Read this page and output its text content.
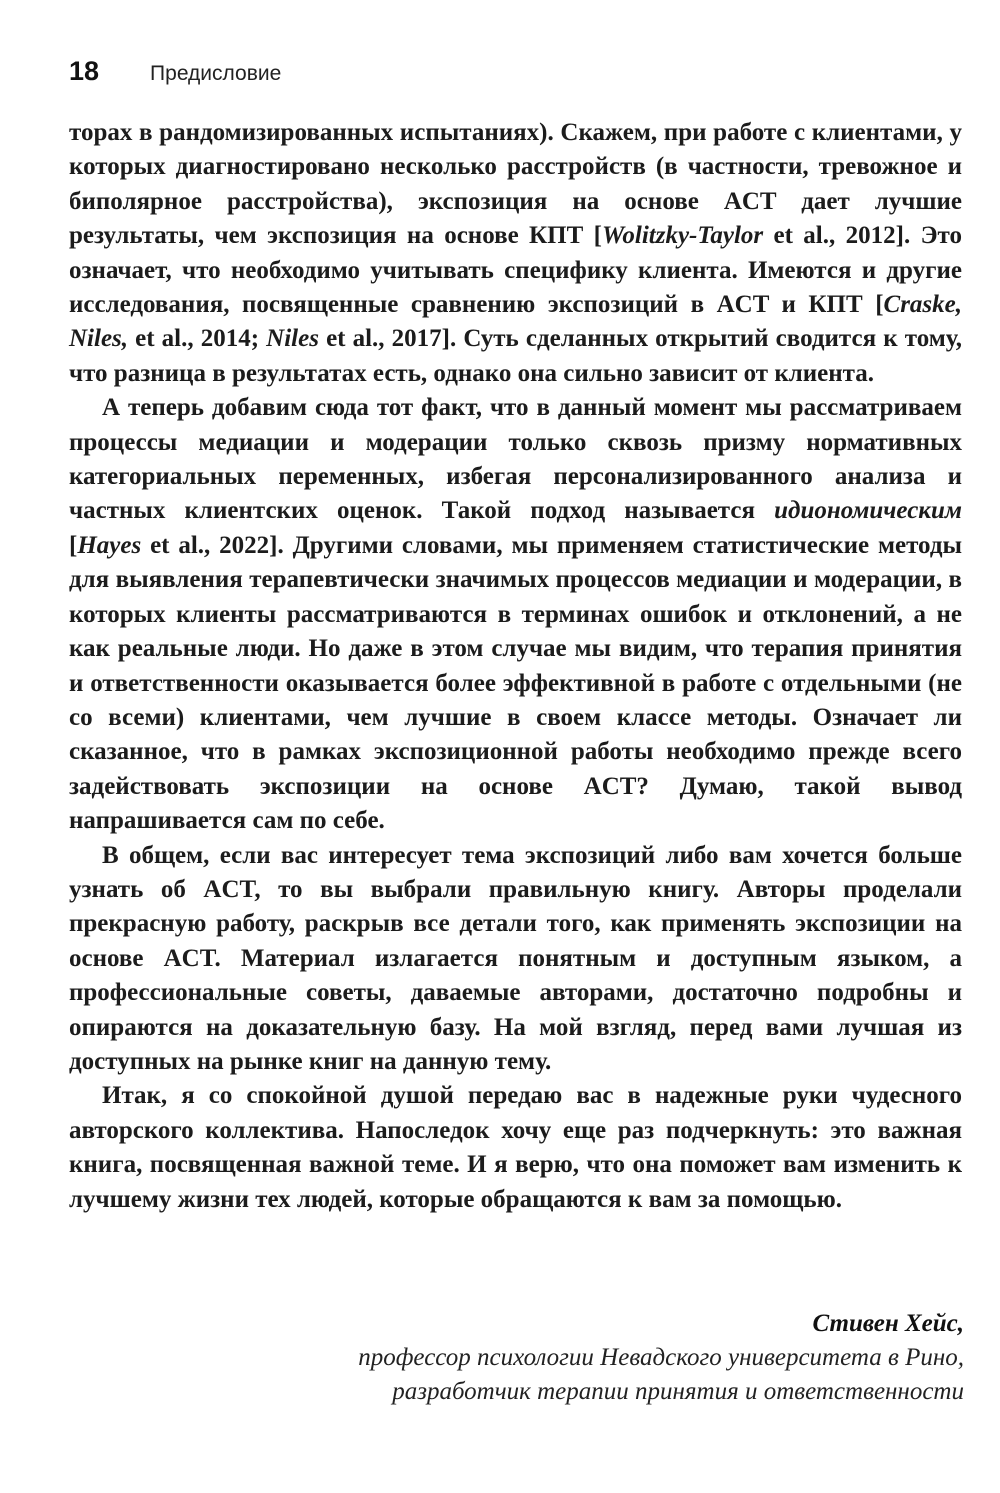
18 Предисловие

торах в рандомизированных испытаниях). Скажем, при работе с клиентами, у которых диагностировано несколько расстройств (в частности, тревожное и биполярное расстройства), экспозиция на основе ACT дает лучшие результаты, чем экспозиция на основе КПТ [Wolitzky-Taylor et al., 2012]. Это означает, что необходимо учитывать специфику клиента. Имеются и другие исследования, посвященные сравнению экспозиций в ACT и КПТ [Craske, Niles, et al., 2014; Niles et al., 2017]. Суть сделанных открытий сводится к тому, что разница в результатах есть, однако она сильно зависит от клиента.

А теперь добавим сюда тот факт, что в данный момент мы рассматриваем процессы медиации и модерации только сквозь призму нормативных категориальных переменных, избегая персонализированного анализа и частных клиентских оценок. Такой подход называется идиономическим [Hayes et al., 2022]. Другими словами, мы применяем статистические методы для выявления терапевтически значимых процессов медиации и модерации, в которых клиенты рассматриваются в терминах ошибок и отклонений, а не как реальные люди. Но даже в этом случае мы видим, что терапия принятия и ответственности оказывается более эффективной в работе с отдельными (не со всеми) клиентами, чем лучшие в своем классе методы. Означает ли сказанное, что в рамках экспозиционной работы необходимо прежде всего задействовать экспозиции на основе ACT? Думаю, такой вывод напрашивается сам по себе.

В общем, если вас интересует тема экспозиций либо вам хочется больше узнать об ACT, то вы выбрали правильную книгу. Авторы проделали прекрасную работу, раскрыв все детали того, как применять экспозиции на основе ACT. Материал излагается понятным и доступным языком, а профессиональные советы, даваемые авторами, достаточно подробны и опираются на доказательную базу. На мой взгляд, перед вами лучшая из доступных на рынке книг на данную тему.

Итак, я со спокойной душой передаю вас в надежные руки чудесного авторского коллектива. Напоследок хочу еще раз подчеркнуть: это важная книга, посвященная важной теме. И я верю, что она поможет вам изменить к лучшему жизни тех людей, которые обращаются к вам за помощью.

Стивен Хейс,
профессор психологии Невадского университета в Рино,
разработчик терапии принятия и ответственности
